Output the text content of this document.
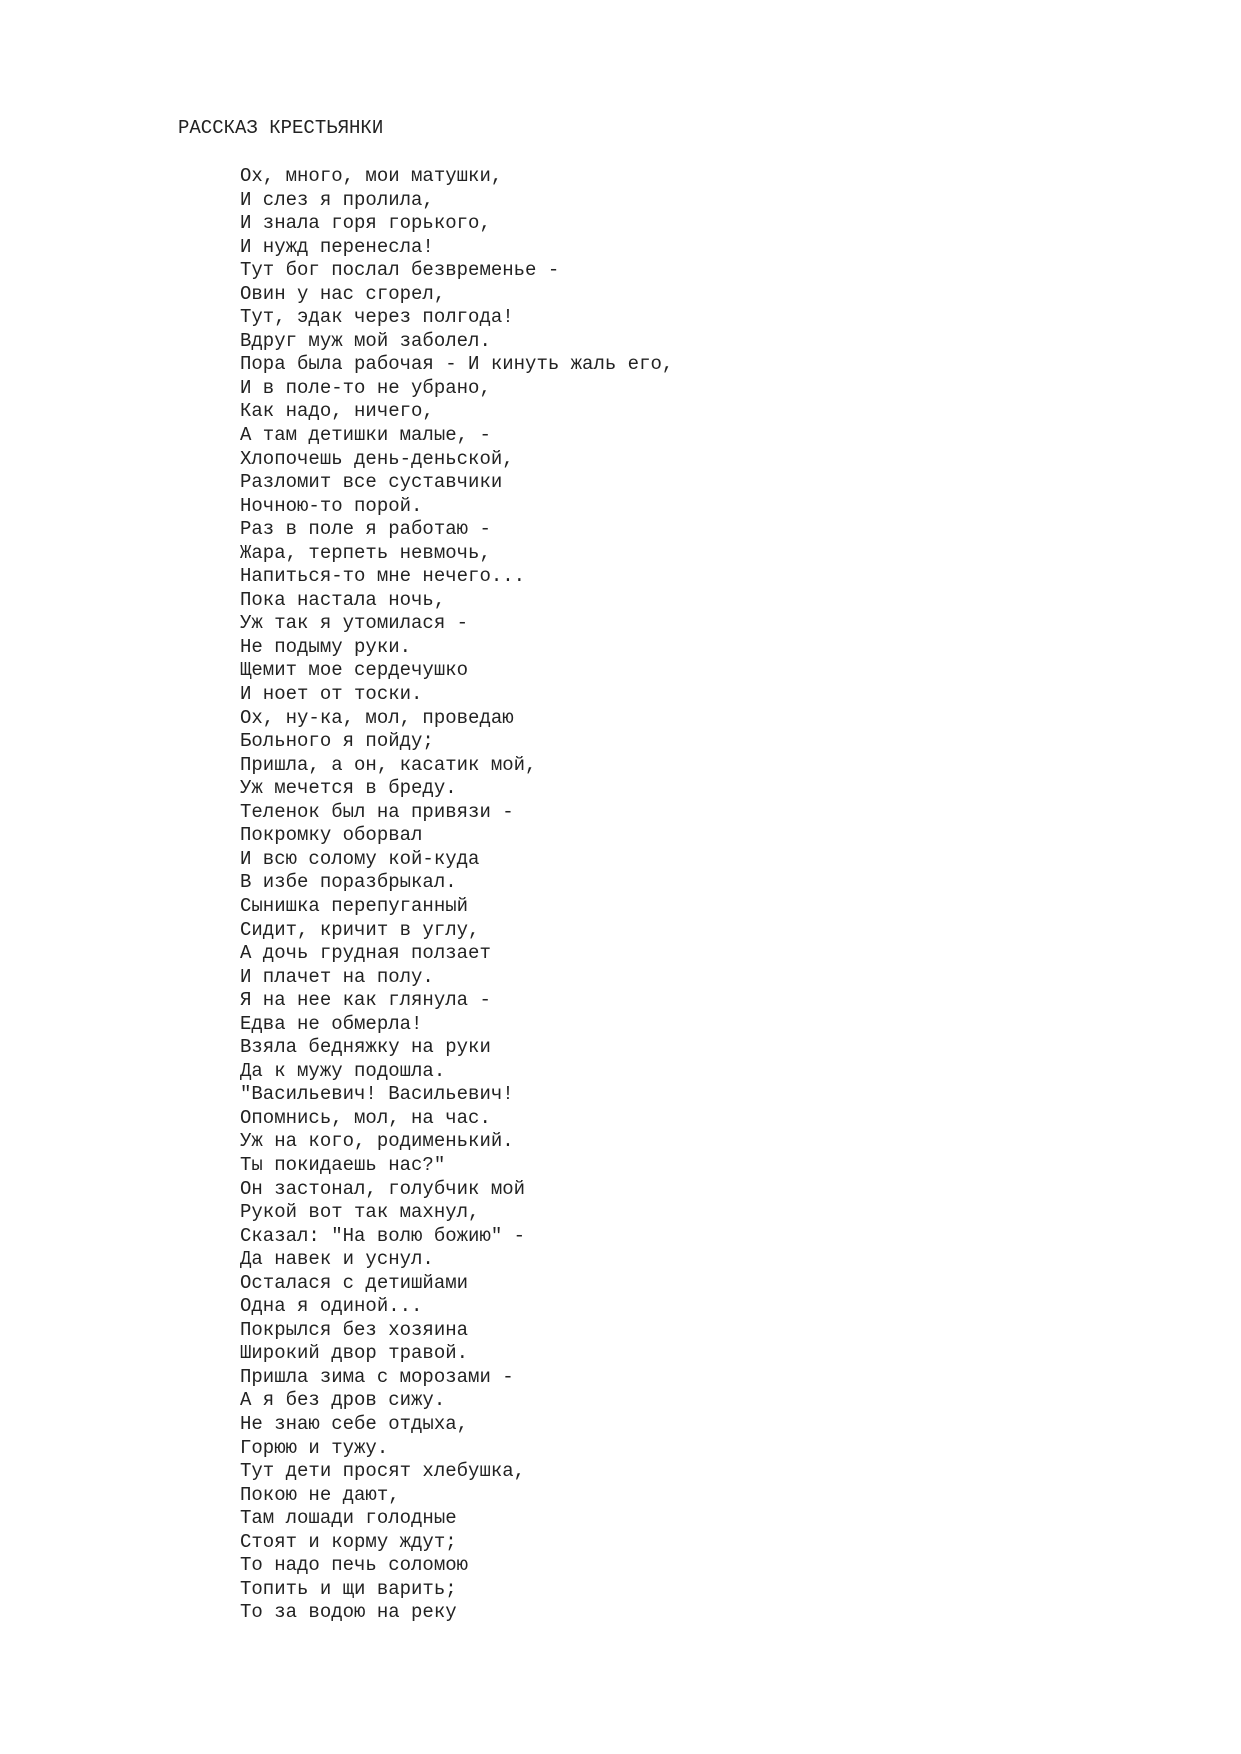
РАССКАЗ КРЕСТЬЯНКИ
Ох, много, мои матушки,
И слез я пролила,
И знала горя горького,
И нужд перенесла!
Тут бог послал безвременье -
Овин у нас сгорел,
Тут, эдак через полгода!
Вдруг муж мой заболел.
Пора была рабочая - И кинуть жаль его,
И в поле-то не убрано,
Как надо, ничего,
А там детишки малые, -
Хлопочешь день-деньской,
Разломит все суставчики
Ночною-то порой.
Раз в поле я работаю -
Жара, терпеть невмочь,
Напиться-то мне нечего...
Пока настала ночь,
Уж так я утомилася -
Не подыму руки.
Щемит мое сердечушко
И ноет от тоски.
Ох, ну-ка, мол, проведаю
Больного я пойду;
Пришла, а он, касатик мой,
Уж мечется в бреду.
Теленок был на привязи -
Покромку оборвал
И всю солому кой-куда
В избе поразбрыкал.
Сынишка перепуганный
Сидит, кричит в углу,
А дочь грудная ползает
И плачет на полу.
Я на нее как глянула -
Едва не обмерла!
Взяла бедняжку на руки
Да к мужу подошла.
"Васильевич! Васильевич!
Опомнись, мол, на час.
Уж на кого, родименький.
Ты покидаешь нас?"
Он застонал, голубчик мой
Рукой вот так махнул,
Сказал: "На волю божию" -
Да навек и уснул.
Осталася с детишйами
Одна я одиной...
Покрылся без хозяина
Широкий двор травой.
Пришла зима с морозами -
А я без дров сижу.
Не знаю себе отдыха,
Горюю и тужу.
Тут дети просят хлебушка,
Покою не дают,
Там лошади голодные
Стоят и корму ждут;
То надо печь соломою
Топить и щи варить;
То за водою на реку
